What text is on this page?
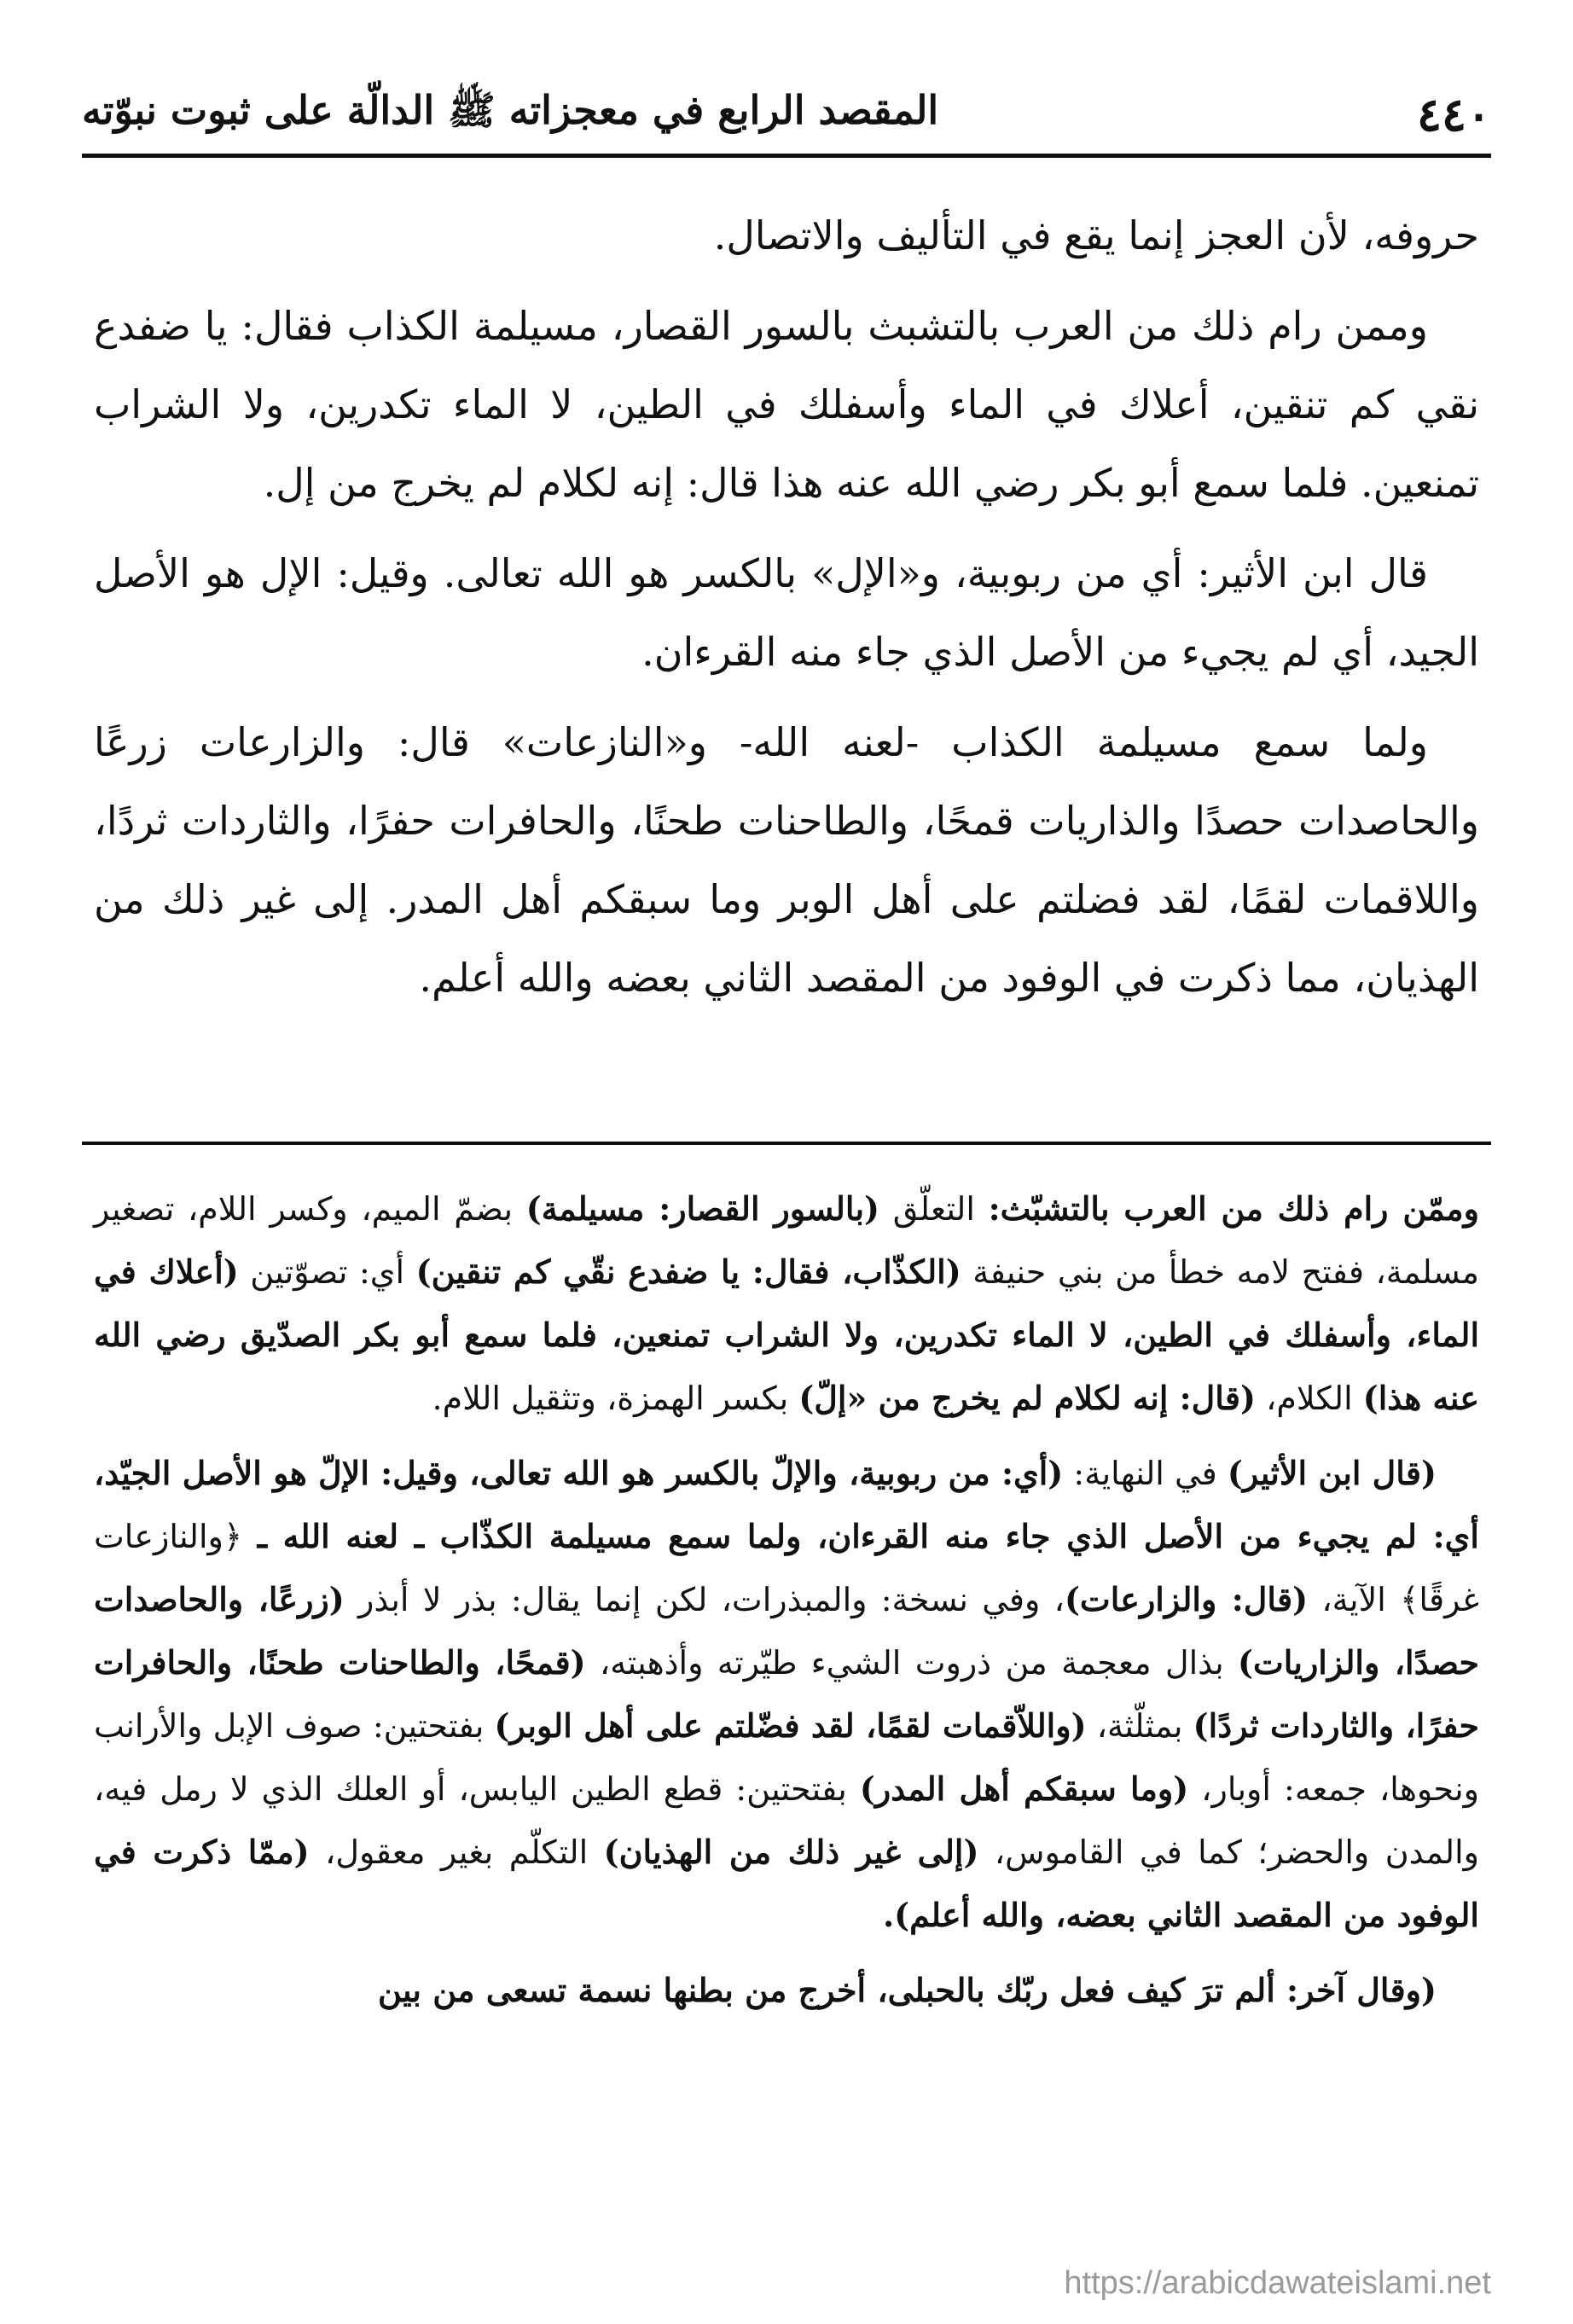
٤٤٠
المقصد الرابع في معجزاته ﷺ الدالّة على ثبوت نبوّته

حروفه، لأن العجز إنما يقع في التأليف والاتصال.

وممن رام ذلك من العرب بالتشبث بالسور القصار، مسيلمة الكذاب فقال: يا ضفدع نقي كم تنقين، أعلاك في الماء وأسفلك في الطين، لا الماء تكدرين، ولا الشراب تمنعين. فلما سمع أبو بكر رضي الله عنه هذا قال: إنه لكلام لم يخرج من إل.

قال ابن الأثير: أي من ربوبية، و«الإل» بالكسر هو الله تعالى. وقيل: الإل هو الأصل الجيد، أي لم يجيء من الأصل الذي جاء منه القرءان.

ولما سمع مسيلمة الكذاب -لعنه الله- و«النازعات» قال: والزارعات زرعًا والحاصدات حصدًا والذاريات قمحًا، والطاحنات طحنًا، والحافرات حفرًا، والثاردات ثردًا، واللاقمات لقمًا، لقد فضلتم على أهل الوبر وما سبقكم أهل المدر. إلى غير ذلك من الهذيان، مما ذكرت في الوفود من المقصد الثاني بعضه والله أعلم.

وممّن رام ذلك من العرب بالتشبّث: التعلّق (بالسور القصار: مسيلمة) بضمّ الميم، وكسر اللام، تصغير مسلمة، ففتح لامه خطأ من بني حنيفة (الكذّاب، فقال: يا ضفدع نقّي كم تنقين) أي: تصوّتين (أعلاك في الماء، وأسفلك في الطين، لا الماء تكدرين، ولا الشراب تمنعين، فلما سمع أبو بكر الصدّيق رضي الله عنه هذا) الكلام، (قال: إنه لكلام لم يخرج من «إلّ) بكسر الهمزة، وتثقيل اللام.

(قال ابن الأثير) في النهاية: (أي: من ربوبية، والإلّ بالكسر هو الله تعالى، وقيل: الإلّ هو الأصل الجيّد، أي: لم يجيء من الأصل الذي جاء منه القرءان، ولما سمع مسيلمة الكذّاب ـ لعنه الله ـ ﴿والنازعات غرقًا﴾ الآية، (قال: والزارعات)، وفي نسخة: والمبذرات، لكن إنما يقال: بذر لا أبذر (زرعًا، والحاصدات حصدًا، والزاريات) بذال معجمة من ذروت الشيء طيّرته وأذهبته، (قمحًا، والطاحنات طحنًا، والحافرات حفرًا، والثاردات ثردًا) بمثلّثة، (واللاّقمات لقمًا، لقد فضّلتم على أهل الوبر) بفتحتين: صوف الإبل والأرانب ونحوها، جمعه: أوبار، (وما سبقكم أهل المدر) بفتحتين: قطع الطين اليابس، أو العلك الذي لا رمل فيه، والمدن والحضر؛ كما في القاموس، (إلى غير ذلك من الهذيان) التكلّم بغير معقول، (ممّا ذكرت في الوفود من المقصد الثاني بعضه، والله أعلم).

(وقال آخر: ألم ترَ كيف فعل ربّك بالحبلى، أخرج من بطنها نسمة تسعى من بين

https://arabicdawateislami.net
